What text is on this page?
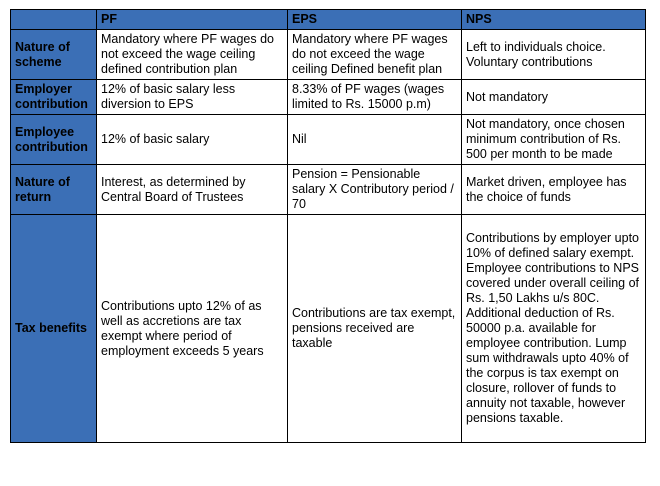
	PF	EPS	NPS
Nature of scheme	Mandatory where PF wages do not exceed the wage ceiling defined contribution plan	Mandatory where PF wages do not exceed the wage ceiling Defined benefit plan	Left to individuals choice. Voluntary contributions
Employer contribution	12% of basic salary less diversion to EPS	8.33% of PF wages (wages limited to Rs. 15000 p.m)	Not mandatory
Employee contribution	12% of basic salary	Nil	Not mandatory, once chosen minimum contribution of Rs. 500 per month to be made
Nature of return	Interest, as determined by Central Board of Trustees	Pension = Pensionable salary X Contributory period / 70	Market driven, employee has the choice of funds
Tax benefits	Contributions upto 12% of as well as accretions are tax exempt where period of employment exceeds 5 years	Contributions are tax exempt, pensions received are taxable	Contributions by employer upto 10% of defined salary exempt. Employee contributions to NPS covered under overall ceiling of Rs. 1,50 Lakhs u/s 80C. Additional deduction of Rs. 50000 p.a. available for employee contribution. Lump sum withdrawals upto 40% of the corpus is tax exempt on closure, rollover of funds to annuity not taxable, however pensions taxable.
